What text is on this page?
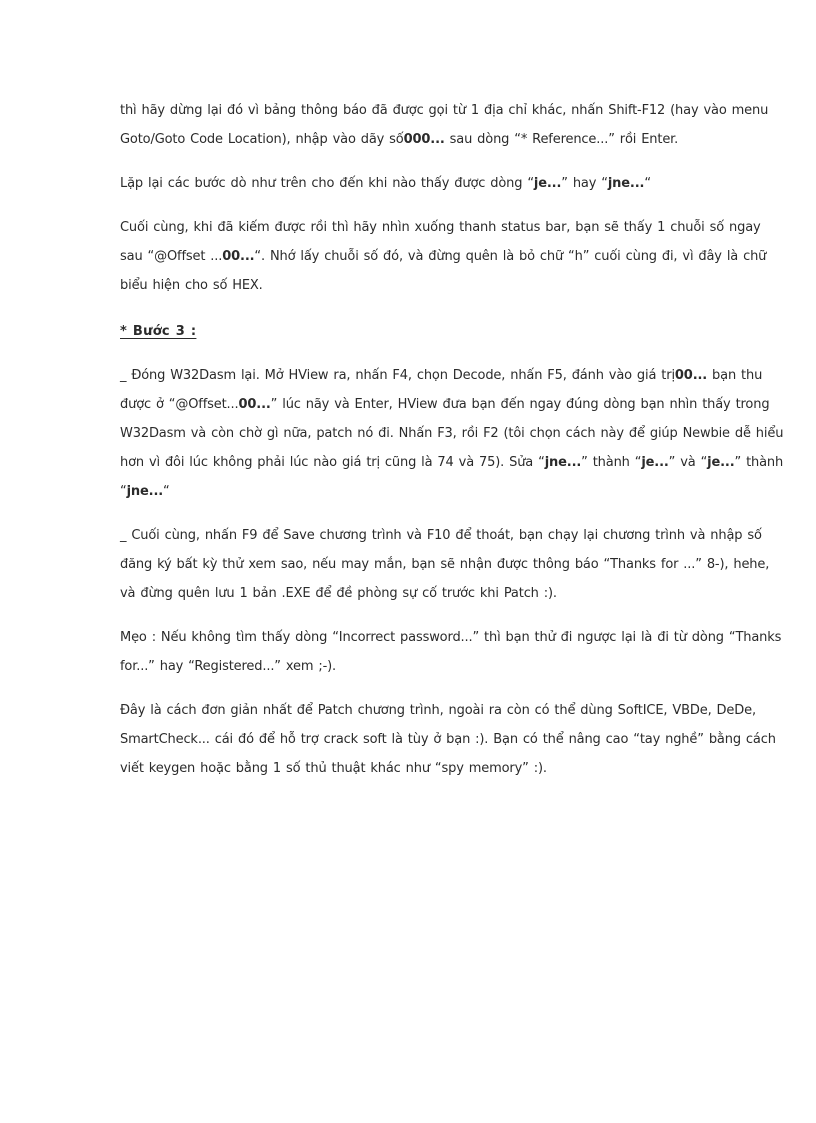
thì hãy dừng lại đó vì bảng thông báo đã được gọi từ 1 địa chỉ khác, nhấn Shift-F12 (hay vào menu Goto/Goto Code Location), nhập vào dãy số000... sau dòng “* Reference...” rồi Enter.

Lặp lại các bước dò như trên cho đến khi nào thấy được dòng “je...” hay “jne...“

Cuối cùng, khi đã kiếm được rồi thì hãy nhìn xuống thanh status bar, bạn sẽ thấy 1 chuỗi số ngay sau “@Offset ...00...“. Nhớ lấy chuỗi số đó, và đừng quên là bỏ chữ “h” cuối cùng đi, vì đây là chữ biểu hiện cho số HEX.

* Bước 3 :

_ Đóng W32Dasm lại. Mở HView ra, nhấn F4, chọn Decode, nhấn F5, đánh vào giá trị00... bạn thu được ở “@Offset...00...” lúc nãy và Enter, HView đưa bạn đến ngay đúng dòng bạn nhìn thấy trong W32Dasm và còn chờ gì nữa, patch nó đi. Nhấn F3, rồi F2 (tôi chọn cách này để giúp Newbie dễ hiểu hơn vì đôi lúc không phải lúc nào giá trị cũng là 74 và 75). Sửa “jne...” thành “je...” và “je...” thành “jne...“

_ Cuối cùng, nhấn F9 để Save chương trình và F10 để thoát, bạn chạy lại chương trình và nhập số đăng ký bất kỳ thử xem sao, nếu may mắn, bạn sẽ nhận được thông báo “Thanks for ...” 8-), hehe, và đừng quên lưu 1 bản .EXE để đề phòng sự cố trước khi Patch :).

Mẹo : Nếu không tìm thấy dòng “Incorrect password...” thì bạn thử đi ngược lại là đi từ dòng “Thanks for...” hay “Registered...” xem ;-).

Đây là cách đơn giản nhất để Patch chương trình, ngoài ra còn có thể dùng SoftICE, VBDe, DeDe, SmartCheck... cái đó để hỗ trợ crack soft là tùy ở bạn :). Bạn có thể nâng cao “tay nghề” bằng cách viết keygen hoặc bằng 1 số thủ thuật khác như “spy memory” :).
